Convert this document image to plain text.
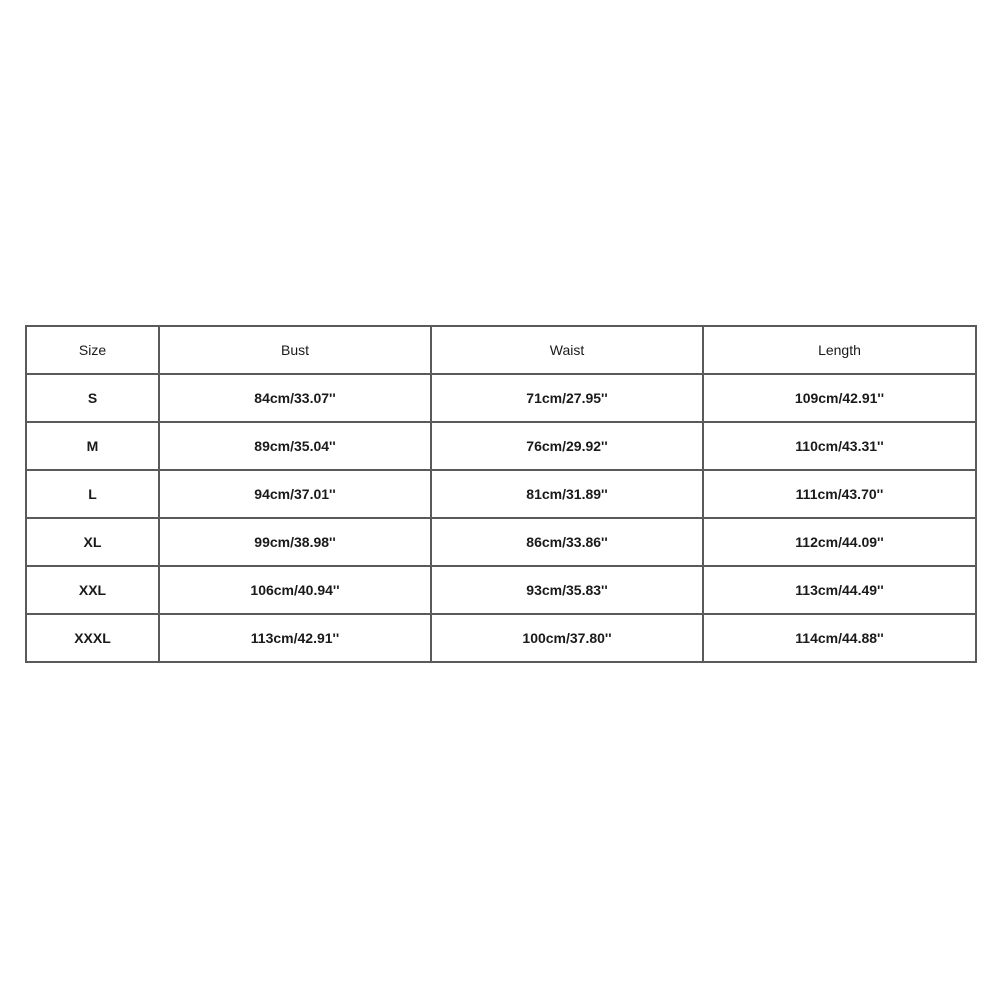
Size	Bust	Waist	Length
S	84cm/33.07''	71cm/27.95''	109cm/42.91''
M	89cm/35.04''	76cm/29.92''	110cm/43.31''
L	94cm/37.01''	81cm/31.89''	111cm/43.70''
XL	99cm/38.98''	86cm/33.86''	112cm/44.09''
XXL	106cm/40.94''	93cm/35.83''	113cm/44.49''
XXXL	113cm/42.91''	100cm/37.80''	114cm/44.88''
